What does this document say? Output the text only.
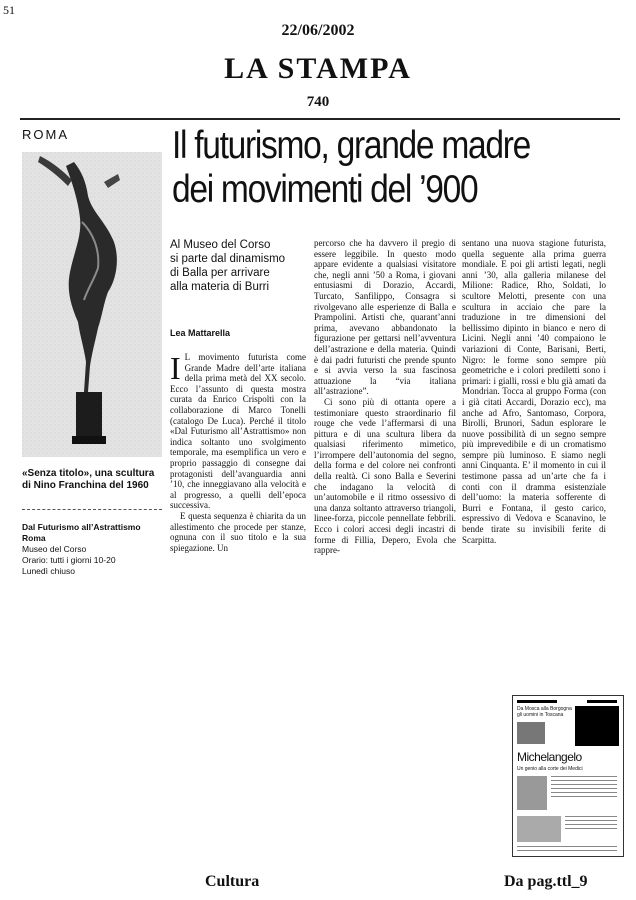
51
22/06/2002
LA STAMPA
740
ROMA	Il futurismo, grande madre
dei movimenti del ’900
«Senza titolo», una scultura
di Nino Franchina del 1960
Dal Futurismo all’Astrattismo
Roma
Museo del Corso
Orario: tutti i giorni 10-20
Lunedì chiuso
Al Museo del Corso
si parte dal dinamismo
di Balla per arrivare
alla materia di Burri
Lea Mattarella

I L movimento futurista come Grande Madre dell’arte italiana della prima metà del XX secolo. Ecco l’assunto di questa mostra curata da Enrico Crispolti con la collaborazione di Marco Tonelli (catalogo De Luca). Perché il titolo «Dal Futurismo all’Astrattismo» non indica soltanto uno svolgimento temporale, ma esemplifica un vero e proprio passaggio di consegne dai protagonisti dell’avanguardia anni ’10, che inneggiavano alla velocità e al progresso, a quelli dell’epoca successiva.

E questa sequenza è chiarita da un allestimento che procede per stanze, ognuna con il suo titolo e la sua spiegazione. Un

percorso che ha davvero il pregio di essere leggibile. In questo modo appare evidente a qualsiasi visitatore che, negli anni ’50 a Roma, i giovani entusiasmi di Dorazio, Accardi, Turcato, Sanfilippo, Consagra si rivolgevano alle esperienze di Balla e Prampolini. Artisti che, quarant’anni prima, avevano abbandonato la figurazione per gettarsi nell’avventura dell’astrazione e della materia. Quindi è dai padri futuristi che prende spunto e si avvia verso la sua fascinosa attuazione la “via italiana all’astrazione”.

Ci sono più di ottanta opere a testimoniare questo straordinario fil rouge che vede l’affermarsi di una pittura e di una scultura libera da qualsiasi riferimento mimetico, l’irrompere dell’autonomia del segno, della forma e del colore nei confronti della realtà. Ci sono Balla e Severini che indagano la velocità di un’automobile e il ritmo ossessivo di una danza soltanto attraverso triangoli, linee-forza, piccole pennellate febbrili. Ecco i colori accesi degli incastri di forme di Fillia, Depero, Evola che rappre-

sentano una nuova stagione futurista, quella seguente alla prima guerra mondiale. E poi gli artisti legati, negli anni ’30, alla galleria milanese del Milione: Radice, Rho, Soldati, lo scultore Melotti, presente con una scultura in acciaio che pare la traduzione in tre dimensioni del bellissimo dipinto in bianco e nero di Licini. Negli anni ’40 compaiono le variazioni di Conte, Barisani, Berti, Nigro: le forme sono sempre più geometriche e i colori prediletti sono i primari: i gialli, rossi e blu già amati da Mondrian. Tocca al gruppo Forma (con i già citati Accardi, Dorazio ecc), ma anche ad Afro, Santomaso, Corpora, Birolli, Brunori, Sadun esplorare le nuove possibilità di un segno sempre più imprevedibile e di un cromatismo sempre più luminoso. E siamo negli anni Cinquanta. E’ il momento in cui il testimone passa ad un’arte che fa i conti con il dramma esistenziale dell’uomo: la materia sofferente di Burri e Fontana, il gesto carico, espressivo di Vedova e Scanavino, le bende tirate su invisibili ferite di Scarpitta.

Da Mosca alla Borgogna gli uomini in Toscana
Michelangelo
Un genio alla corte dei Medici
Cultura	Da pag.ttl_9
